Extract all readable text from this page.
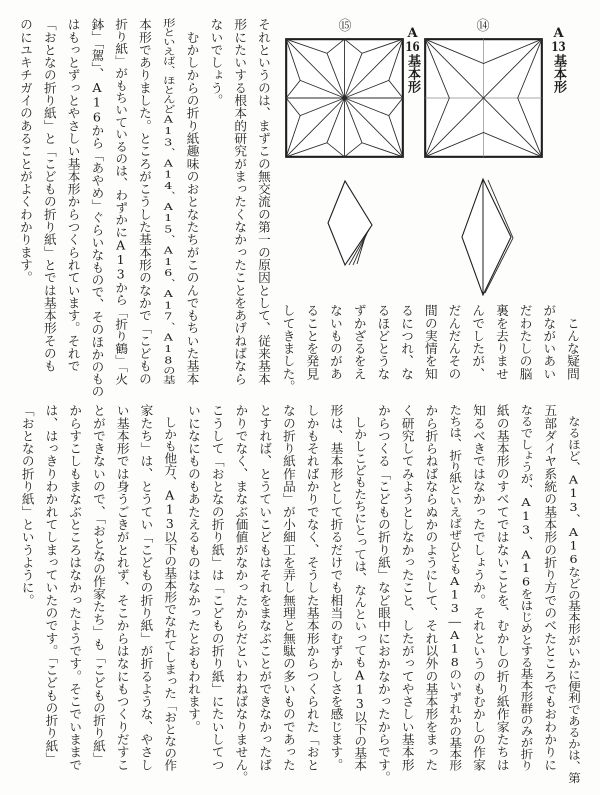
⑮	A16基本形
⑭	A13基本形
　こんな疑問
がながいあい
だわたしの脳
裏を去りませ
んでしたが、
だんだんその
間の実情を知
るにつれ、な
るほどとうな
ずかざるをえ
ないものがあ
ることを発見
してきました。
それというのは、まずこの無交流の第一の原因として、従来基本
形にたいする根本的研究がまったくなかったことをあげねばなら
ないでしょう。
　むかしからの折り紙趣味のおとなたちがこのんでもちいた基本
形といえば、ほとんどA13、A14、A15、A16、A17、A18の基
本形でありました。ところがこうした基本形のなかで「こどもの
折り紙」がもちいているのは、わずかにA13から「折り鶴」「火
鉢」「駕」、A16から「あやめ」ぐらいなもので、そのほかのもの
はもっとずっとやさしい基本形からつくられています。それで
「おとなの折り紙」と「こどもの折り紙」とでは基本形そのも
のにユキチガイのあることがよくわかります。
　なるほど、A13、A16などの基本形がいかに便利であるかは、第
五部ダイヤ系統の基本形の折り方でのべたところでもおわかりに
なるでしょうが、A13、A16をはじめとする基本形群のみが折り
紙の基本形のすべてではないことを、むかしの折り紙作家たちは
知るべきではなかったでしょうか。それというのもむかしの作家
たちは、折り紙といえばぜひともA13―A18のいずれかの基本形
から折らねばならぬかのようにして、それ以外の基本形をまった
く研究してみようとしなかったこと、したがってやさしい基本形
からつくる「こどもの折り紙」など眼中におかなかったからです。
　しかしこどもたちにとっては、なんといってもA13以下の基本
形は、基本形として折るだけでも相当のむずかしさを感じます。
しかもそればかりでなく、そうした基本形からつくられた「おと
なの折り紙作品」が小細工を弄し無理と無駄の多いものであった
とすれば、とうていこどもはそれをまなぶことができなかったば
かりでなく、まなぶ価値がなかったからだといわねばなりません。
こうして「おとなの折り紙」は「こどもの折り紙」にたいしてつ
いになにものもあたえるものはなかったとおもわれます。
　しかも他方、A13以下の基本形でなれてしまった「おとなの作
家たち」は、とうてい「こどもの折り紙」が折るような、やさし
い基本形では身うごきがとれず、そこからはなにもつくりだすこ
とができないので、「おとなの作家たち」も「こどもの折り紙」
からすこしもまなぶところはなかったようです。そこでいままで
は、はっきりわかれてしまっていたのです。「こどもの折り紙」
「おとなの折り紙」というように。
